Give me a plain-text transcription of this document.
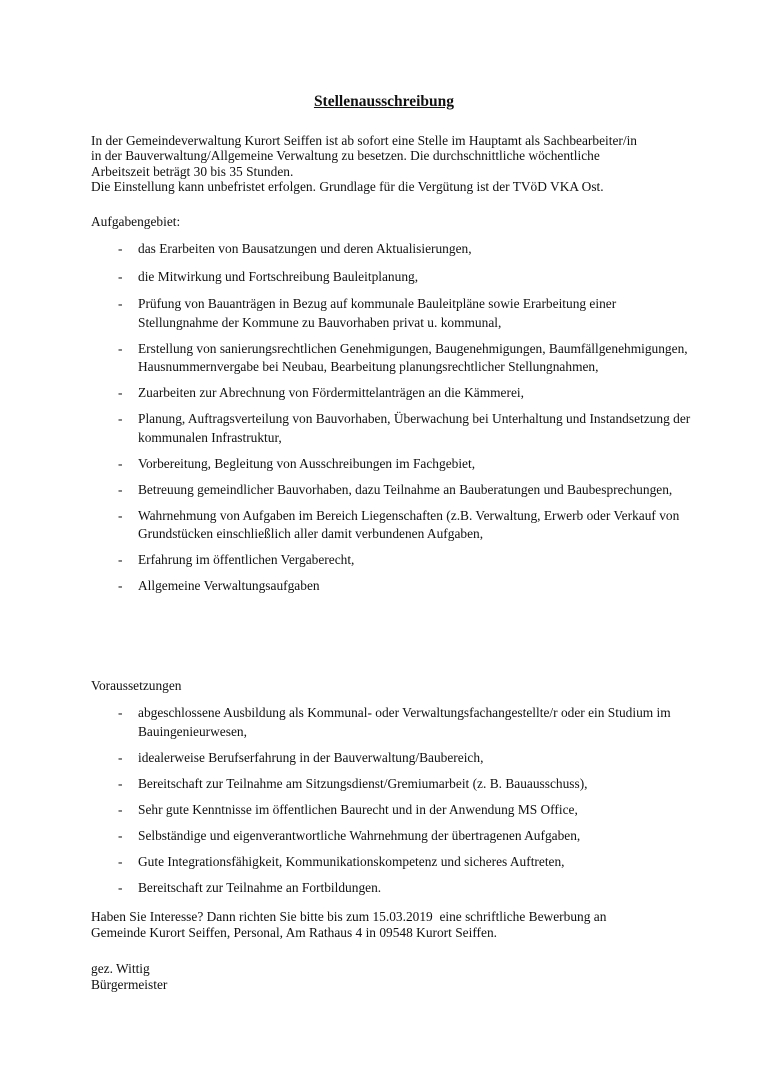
Stellenausschreibung

In der Gemeindeverwaltung Kurort Seiffen ist ab sofort eine Stelle im Hauptamt als Sachbearbeiter/in

in der Bauverwaltung/Allgemeine Verwaltung zu besetzen. Die durchschnittliche wöchentliche

Arbeitszeit beträgt 30 bis 35 Stunden.

Die Einstellung kann unbefristet erfolgen. Grundlage für die Vergütung ist der TVöD VKA Ost.

Aufgabengebiet:
- das Erarbeiten von Bausatzungen und deren Aktualisierungen,
- die Mitwirkung und Fortschreibung Bauleitplanung,
- Prüfung von Bauanträgen in Bezug auf kommunale Bauleitpläne sowie Erarbeitung einer Stellungnahme der Kommune zu Bauvorhaben privat u. kommunal,
- Erstellung von sanierungsrechtlichen Genehmigungen, Baugenehmigungen, Baumfällgenehmigungen, Hausnummernvergabe bei Neubau, Bearbeitung planungsrechtlicher Stellungnahmen,
- Zuarbeiten zur Abrechnung von Fördermittelanträgen an die Kämmerei,
- Planung, Auftragsverteilung von Bauvorhaben, Überwachung bei Unterhaltung und Instandsetzung der kommunalen Infrastruktur,
- Vorbereitung, Begleitung von Ausschreibungen im Fachgebiet,
- Betreuung gemeindlicher Bauvorhaben, dazu Teilnahme an Bauberatungen und Baubesprechungen,
- Wahrnehmung von Aufgaben im Bereich Liegenschaften (z.B. Verwaltung, Erwerb oder Verkauf von Grundstücken einschließlich aller damit verbundenen Aufgaben,
- Erfahrung im öffentlichen Vergaberecht,
- Allgemeine Verwaltungsaufgaben
Voraussetzungen
- abgeschlossene Ausbildung als Kommunal- oder Verwaltungsfachangestellte/r oder ein Studium im Bauingenieurwesen,
- idealerweise Berufserfahrung in der Bauverwaltung/Baubereich,
- Bereitschaft zur Teilnahme am Sitzungsdienst/Gremiumarbeit (z. B. Bauausschuss),
- Sehr gute Kenntnisse im öffentlichen Baurecht und in der Anwendung MS Office,
- Selbständige und eigenverantwortliche Wahrnehmung der übertragenen Aufgaben,
- Gute Integrationsfähigkeit, Kommunikationskompetenz und sicheres Auftreten,
- Bereitschaft zur Teilnahme an Fortbildungen.

Haben Sie Interesse? Dann richten Sie bitte bis zum 15.03.2019  eine schriftliche Bewerbung an

Gemeinde Kurort Seiffen, Personal, Am Rathaus 4 in 09548 Kurort Seiffen.

gez. Wittig

Bürgermeister
